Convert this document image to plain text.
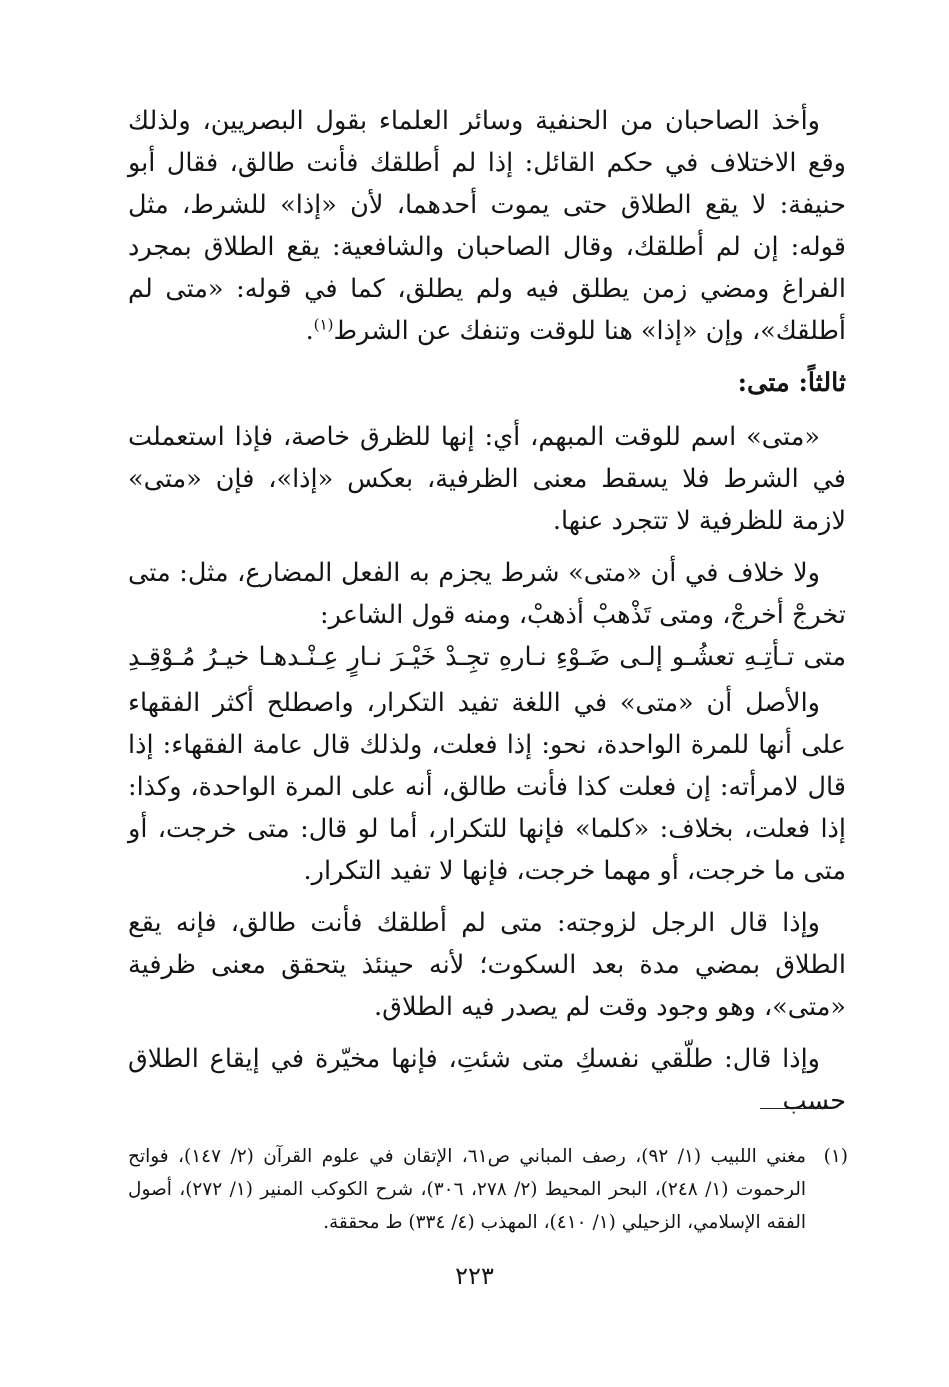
وأخذ الصاحبان من الحنفية وسائر العلماء بقول البصريين، ولذلك وقع الاختلاف في حكم القائل: إذا لم أطلقك فأنت طالق، فقال أبو حنيفة: لا يقع الطلاق حتى يموت أحدهما، لأن «إذا» للشرط، مثل قوله: إن لم أطلقك، وقال الصاحبان والشافعية: يقع الطلاق بمجرد الفراغ ومضي زمن يطلق فيه ولم يطلق، كما في قوله: «متى لم أطلقك»، وإن «إذا» هنا للوقت وتنفك عن الشرط$^{(١)}$.

ثالثاً: متى:

«متى» اسم للوقت المبهم، أي: إنها للظرق خاصة، فإذا استعملت في الشرط فلا يسقط معنى الظرفية، بعكس «إذا»، فإن «متى» لازمة للظرفية لا تتجرد عنها.

ولا خلاف في أن «متى» شرط يجزم به الفعل المضارع، مثل: متى تخرجْ أخرجْ، ومتى تَذْهبْ أذهبْ، ومنه قول الشاعر:

متى تـأتِـهِ تعشُـو إلـى ضَـوْءِ نـارهِ تجِـدْ خَيْـرَ نـارٍ عِـنْـدهـا خيـرُ مُـوْقِـدِ

والأصل أن «متى» في اللغة تفيد التكرار، واصطلح أكثر الفقهاء على أنها للمرة الواحدة، نحو: إذا فعلت، ولذلك قال عامة الفقهاء: إذا قال لامرأته: إن فعلت كذا فأنت طالق، أنه على المرة الواحدة، وكذا: إذا فعلت، بخلاف: «كلما» فإنها للتكرار، أما لو قال: متى خرجت، أو متى ما خرجت، أو مهما خرجت، فإنها لا تفيد التكرار.

وإذا قال الرجل لزوجته: متى لم أطلقك فأنت طالق، فإنه يقع الطلاق بمضي مدة بعد السكوت؛ لأنه حينئذ يتحقق معنى ظرفية «متى»، وهو وجود وقت لم يصدر فيه الطلاق.

وإذا قال: طلّقي نفسكِ متى شئتِ، فإنها مخيّرة في إيقاع الطلاق حسب

(١)
مغني اللبيب (١/ ٩٢)، رصف المباني ص٦١، الإتقان في علوم القرآن (٢/ ١٤٧)، فواتح الرحموت (١/ ٢٤٨)، البحر المحيط (٢/ ٢٧٨، ٣٠٦)، شرح الكوكب المنير (١/ ٢٧٢)، أصول الفقه الإسلامي، الزحيلي (١/ ٤١٠)، المهذب (٤/ ٣٣٤) ط محققة.
٢٢٣
